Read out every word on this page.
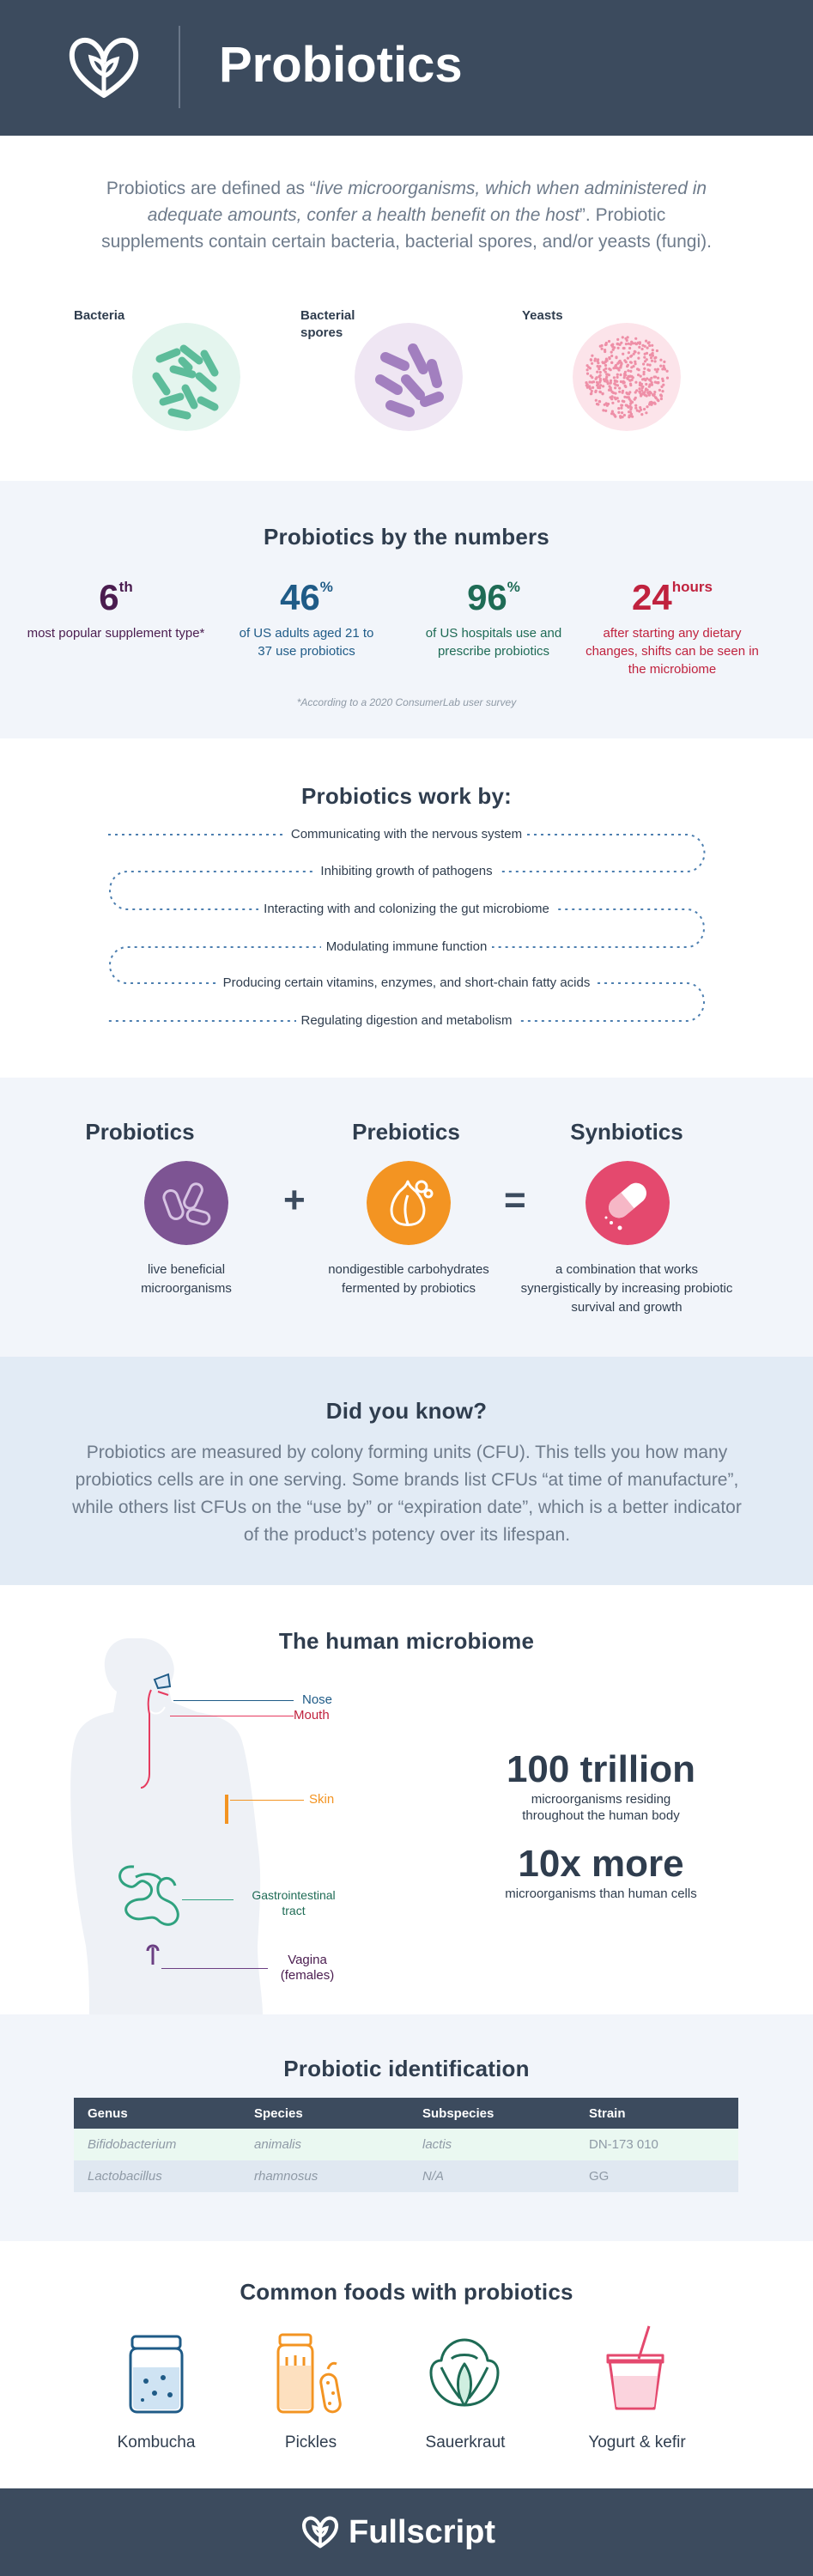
Probiotics
Probiotics are defined as “live microorganisms, which when administered in adequate amounts, confer a health benefit on the host”. Probiotic supplements contain certain bacteria, bacterial spores, and/or yeasts (fungi).
Bacteria	Bacterial spores
Yeasts
Probiotics by the numbers
6th
most popular supplement type*
46%
of US adults aged 21 to 37 use probiotics
96%
of US hospitals use and prescribe probiotics
$24^{hours}$
after starting any dietary changes, shifts can be seen in the microbiome
*According to a 2020 ConsumerLab user survey
Probiotics work by:
Communicating with the nervous system
Inhibiting growth of pathogens
Interacting with and colonizing the gut microbiome
Modulating immune function
Producing certain vitamins, enzymes, and short-chain fatty acids
Regulating digestion and metabolism
Probiotics	Prebiotics	Synbiotics
+	=
live beneficial microorganisms
nondigestible carbohydrates fermented by probiotics
a combination that works synergistically by increasing probiotic survival and growth
Did you know?
Probiotics are measured by colony forming units (CFU). This tells you how many probiotics cells are in one serving. Some brands list CFUs “at time of manufacture”, while others list CFUs on the “use by” or “expiration date”, which is a better indicator of the product’s potency over its lifespan.
The human microbiome
Nose
Mouth
Skin
Gastrointestinal tract
Vagina (females)
100 trillion
microorganisms residing throughout the human body
10x more
microorganisms than human cells
Probiotic identification
Genus	Species	Subspecies	Strain
Bifidobacterium	animalis	lactis	DN-173 010
Lactobacillus	rhamnosus	N/A	GG
Common foods with probiotics
Kombucha	Pickles	Sauerkraut	Yogurt & kefir
Fullscript
